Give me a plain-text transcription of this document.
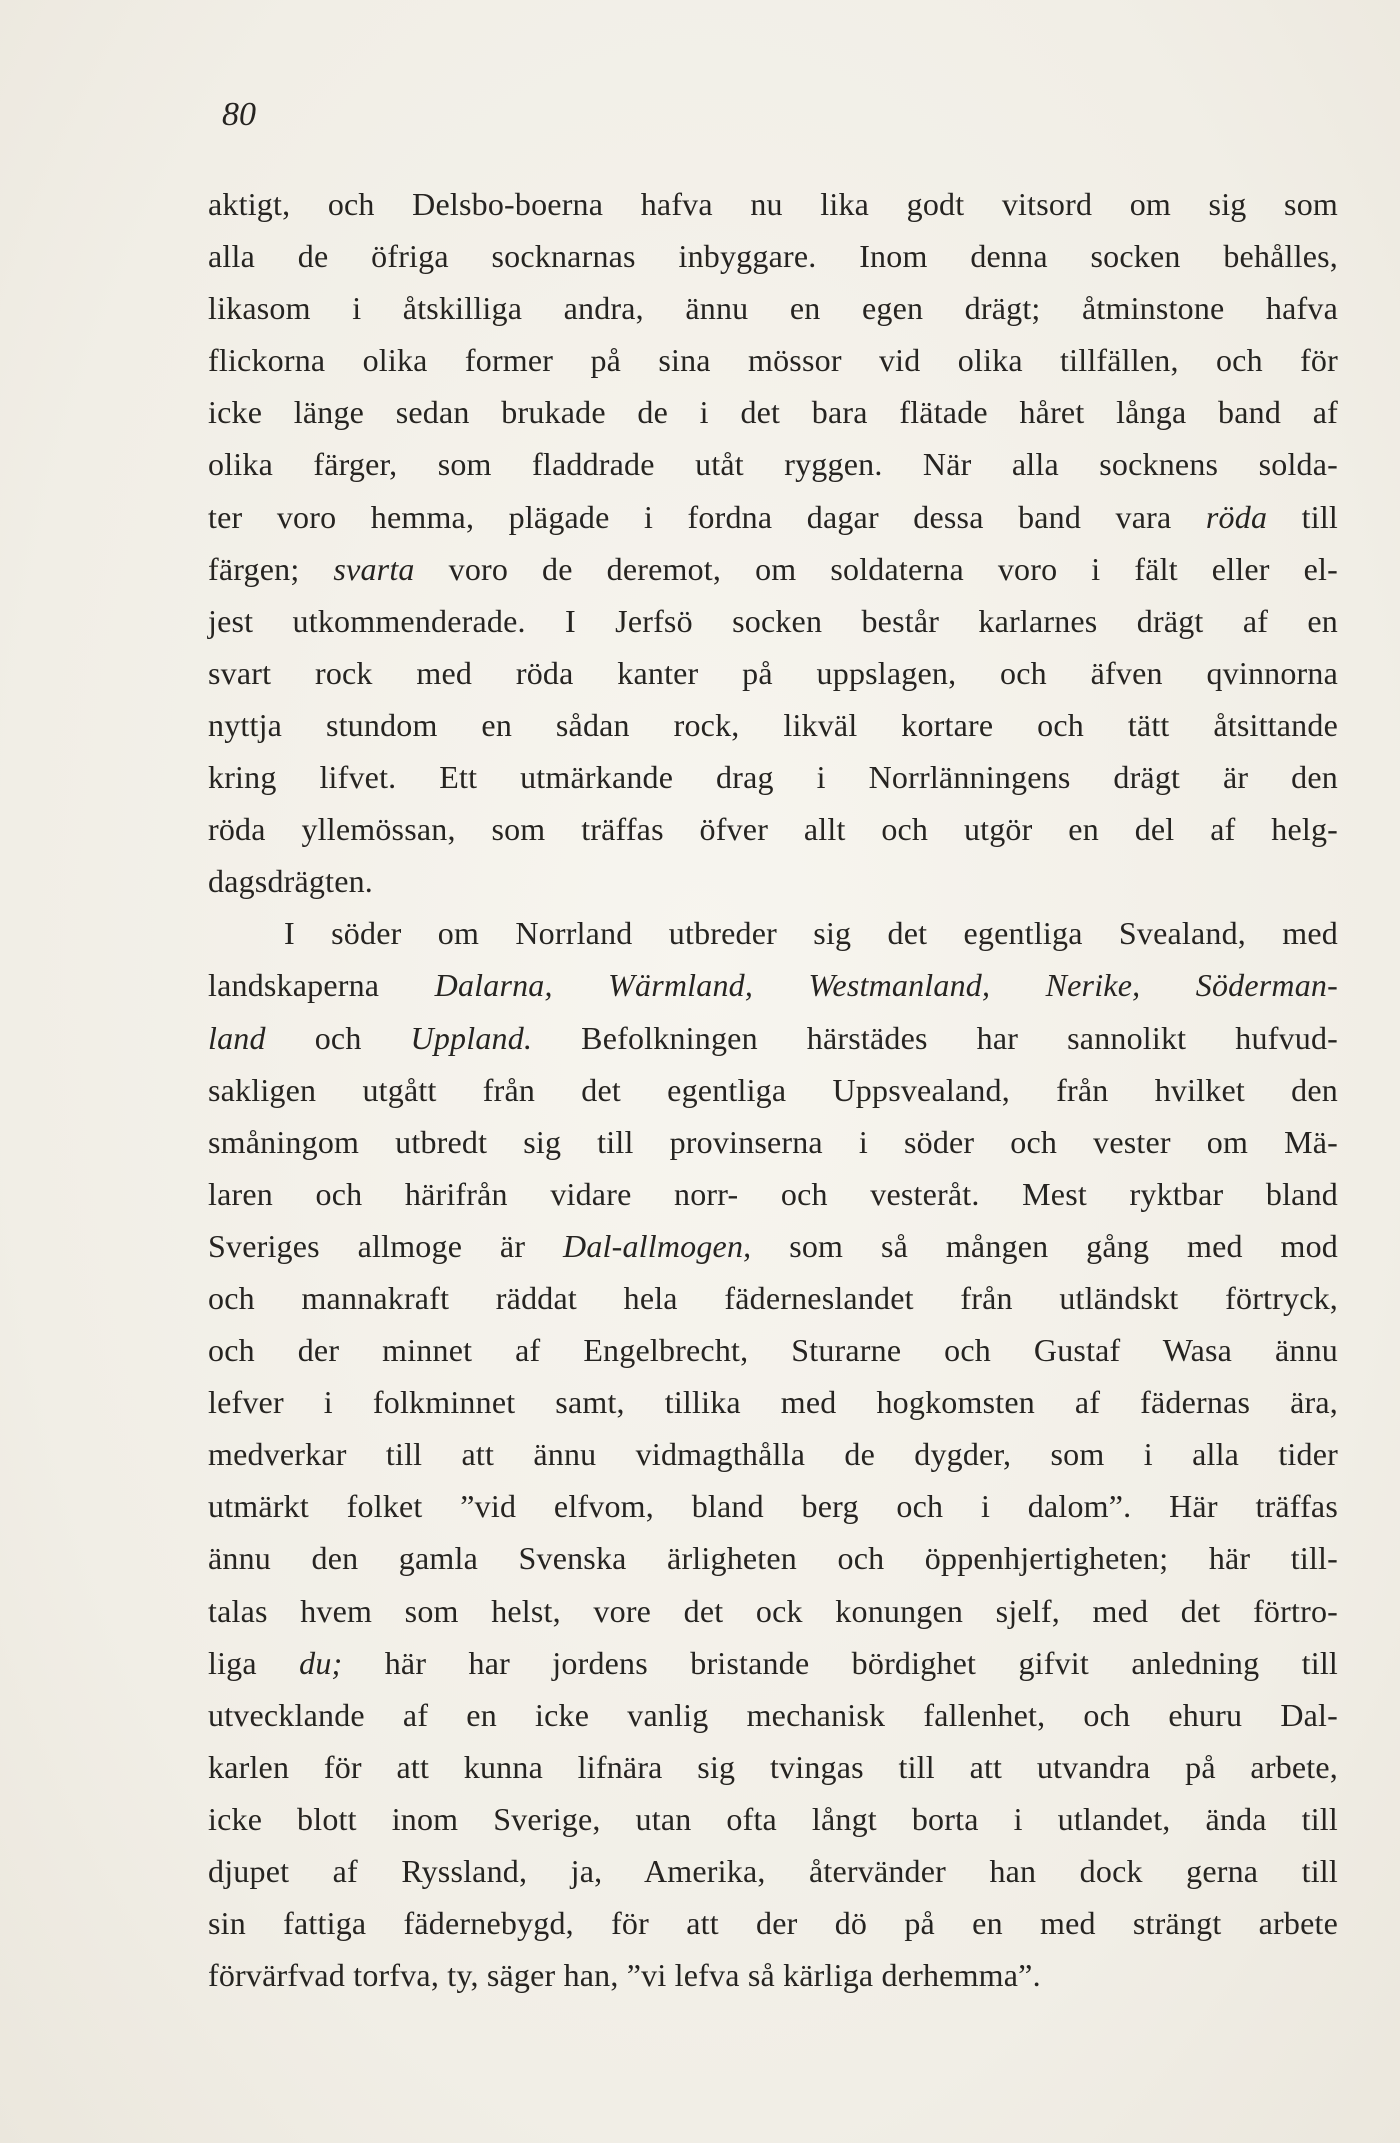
80
aktigt, och Delsbo-boerna hafva nu lika godt vitsord om sig som
alla de öfriga socknarnas inbyggare. Inom denna socken behålles,
likasom i åtskilliga andra, ännu en egen drägt; åtminstone hafva
flickorna olika former på sina mössor vid olika tillfällen, och för
icke länge sedan brukade de i det bara flätade håret långa band af
olika färger, som fladdrade utåt ryggen. När alla socknens solda-
ter voro hemma, plägade i fordna dagar dessa band vara röda till
färgen; svarta voro de deremot, om soldaterna voro i fält eller el-
jest utkommenderade. I Jerfsö socken består karlarnes drägt af en
svart rock med röda kanter på uppslagen, och äfven qvinnorna
nyttja stundom en sådan rock, likväl kortare och tätt åtsittande
kring lifvet. Ett utmärkande drag i Norrlänningens drägt är den
röda yllemössan, som träffas öfver allt och utgör en del af helg-
dagsdrägten.
I söder om Norrland utbreder sig det egentliga Svealand, med
landskaperna Dalarna, Wärmland, Westmanland, Nerike, Söderman-
land och Uppland. Befolkningen härstädes har sannolikt hufvud-
sakligen utgått från det egentliga Uppsvealand, från hvilket den
småningom utbredt sig till provinserna i söder och vester om Mä-
laren och härifrån vidare norr- och vesteråt. Mest ryktbar bland
Sveriges allmoge är Dal-allmogen, som så mången gång med mod
och mannakraft räddat hela fäderneslandet från utländskt förtryck,
och der minnet af Engelbrecht, Sturarne och Gustaf Wasa ännu
lefver i folkminnet samt, tillika med hogkomsten af fädernas ära,
medverkar till att ännu vidmagthålla de dygder, som i alla tider
utmärkt folket ”vid elfvom, bland berg och i dalom”. Här träffas
ännu den gamla Svenska ärligheten och öppenhjertigheten; här till-
talas hvem som helst, vore det ock konungen sjelf, med det förtro-
liga du; här har jordens bristande bördighet gifvit anledning till
utvecklande af en icke vanlig mechanisk fallenhet, och ehuru Dal-
karlen för att kunna lifnära sig tvingas till att utvandra på arbete,
icke blott inom Sverige, utan ofta långt borta i utlandet, ända till
djupet af Ryssland, ja, Amerika, återvänder han dock gerna till
sin fattiga fädernebygd, för att der dö på en med strängt arbete
förvärfvad torfva, ty, säger han, ”vi lefva så kärliga derhemma”.
